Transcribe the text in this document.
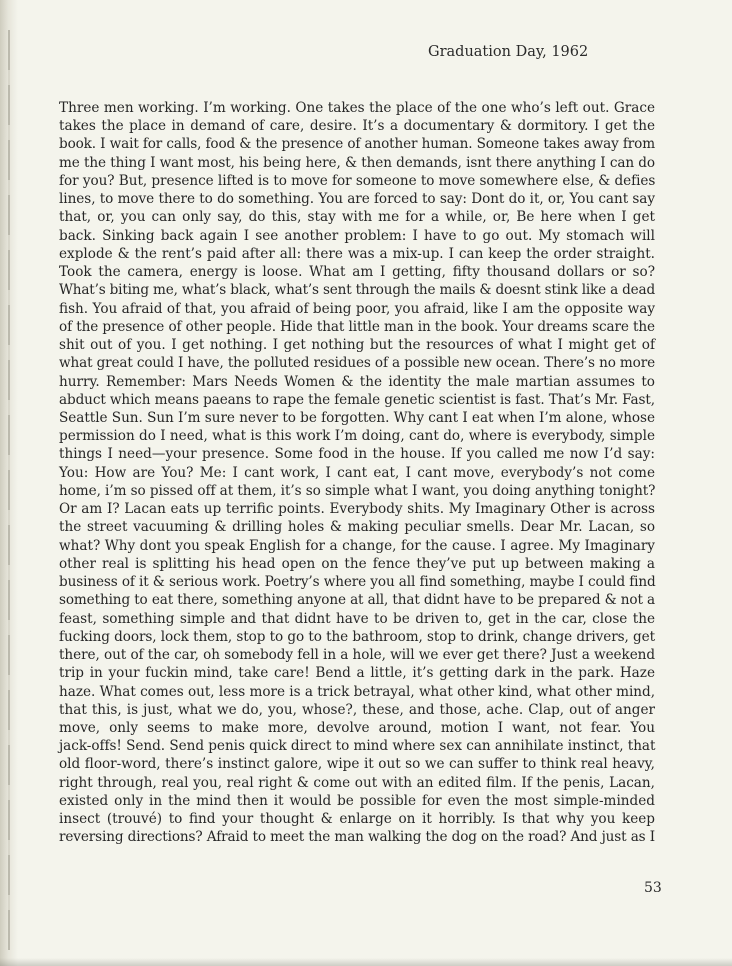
Graduation Day, 1962
Three men working. I’m working. One takes the place of the one who’s left out. Grace
takes the place in demand of care, desire. It’s a documentary & dormitory. I get the
book. I wait for calls, food & the presence of another human. Someone takes away from
me the thing I want most, his being here, & then demands, isnt there anything I can do
for you? But, presence lifted is to move for someone to move somewhere else, & defies
lines, to move there to do something. You are forced to say: Dont do it, or, You cant say
that, or, you can only say, do this, stay with me for a while, or, Be here when I get
back. Sinking back again I see another problem: I have to go out. My stomach will
explode & the rent’s paid after all: there was a mix-up. I can keep the order straight.
Took the camera, energy is loose. What am I getting, fifty thousand dollars or so?
What’s biting me, what’s black, what’s sent through the mails & doesnt stink like a dead
fish. You afraid of that, you afraid of being poor, you afraid, like I am the opposite way
of the presence of other people. Hide that little man in the book. Your dreams scare the
shit out of you. I get nothing. I get nothing but the resources of what I might get of
what great could I have, the polluted residues of a possible new ocean. There’s no more
hurry. Remember: Mars Needs Women & the identity the male martian assumes to
abduct which means paeans to rape the female genetic scientist is fast. That’s Mr. Fast,
Seattle Sun. Sun I’m sure never to be forgotten. Why cant I eat when I’m alone, whose
permission do I need, what is this work I’m doing, cant do, where is everybody, simple
things I need—your presence. Some food in the house. If you called me now I’d say:
You: How are You? Me: I cant work, I cant eat, I cant move, everybody’s not come
home, i’m so pissed off at them, it’s so simple what I want, you doing anything tonight?
Or am I? Lacan eats up terrific points. Everybody shits. My Imaginary Other is across
the street vacuuming & drilling holes & making peculiar smells. Dear Mr. Lacan, so
what? Why dont you speak English for a change, for the cause. I agree. My Imaginary
other real is splitting his head open on the fence they’ve put up between making a
business of it & serious work. Poetry’s where you all find something, maybe I could find
something to eat there, something anyone at all, that didnt have to be prepared & not a
feast, something simple and that didnt have to be driven to, get in the car, close the
fucking doors, lock them, stop to go to the bathroom, stop to drink, change drivers, get
there, out of the car, oh somebody fell in a hole, will we ever get there? Just a weekend
trip in your fuckin mind, take care! Bend a little, it’s getting dark in the park. Haze
haze. What comes out, less more is a trick betrayal, what other kind, what other mind,
that this, is just, what we do, you, whose?, these, and those, ache. Clap, out of anger
move, only seems to make more, devolve around, motion I want, not fear. You
jack-offs! Send. Send penis quick direct to mind where sex can annihilate instinct, that
old floor-word, there’s instinct galore, wipe it out so we can suffer to think real heavy,
right through, real you, real right & come out with an edited film. If the penis, Lacan,
existed only in the mind then it would be possible for even the most simple-minded
insect (trouvé) to find your thought & enlarge on it horribly. Is that why you keep
reversing directions? Afraid to meet the man walking the dog on the road? And just as I
53
